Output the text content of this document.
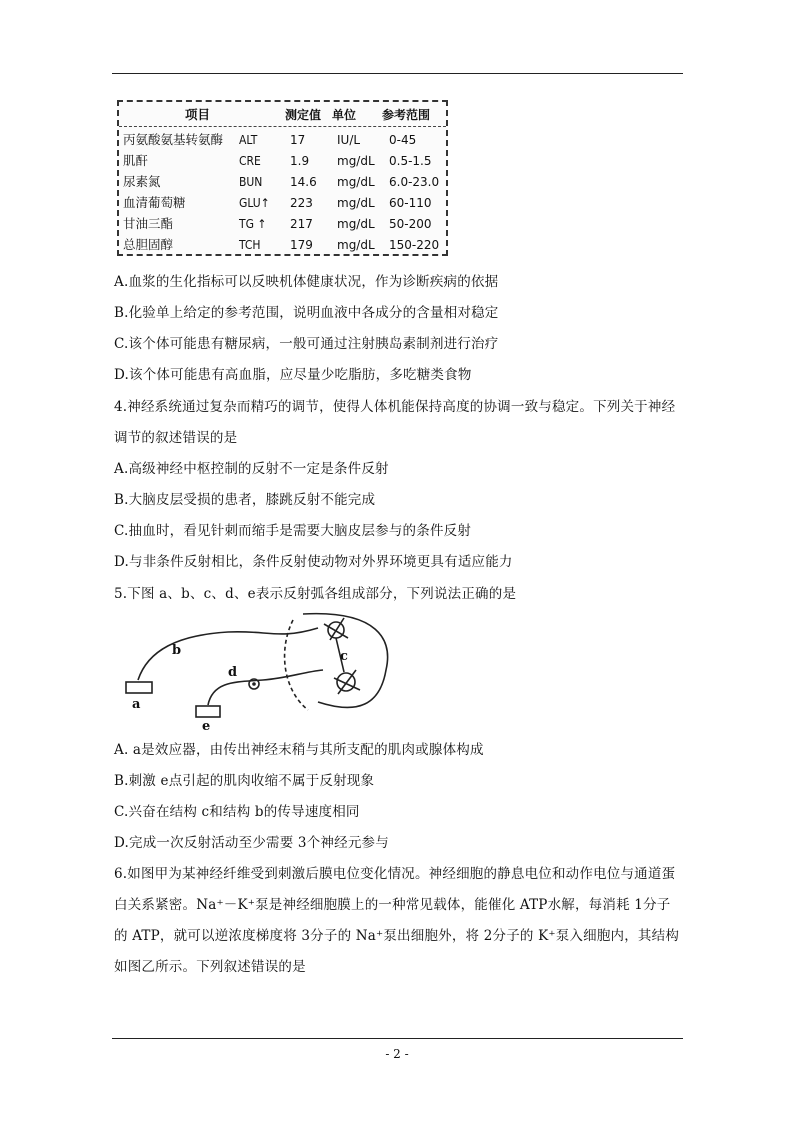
项目	测定值 单位 参考范围
丙氨酸氨基转氨酶 ALT	17	IU/L 0-45
肌酐	CRE 1.9 mg/dL 0.5-1.5
尿素氮	BUN 14.6 mg/dL 6.0-23.0
血清葡萄糖	GLU↑ 223 mg/dL 60-110
甘油三酯	TG ↑ 217 mg/dL 50-200
总胆固醇	TCH 179 mg/dL 150-220
A.血浆的生化指标可以反映机体健康状况，作为诊断疾病的依据
B.化验单上给定的参考范围，说明血液中各成分的含量相对稳定
C.该个体可能患有糖尿病，一般可通过注射胰岛素制剂进行治疗
D.该个体可能患有高血脂，应尽量少吃脂肪，多吃糖类食物
4.神经系统通过复杂而精巧的调节，使得人体机能保持高度的协调一致与稳定。下列关于神经
调节的叙述错误的是
A.高级神经中枢控制的反射不一定是条件反射
B.大脑皮层受损的患者，膝跳反射不能完成
C.抽血时，看见针刺而缩手是需要大脑皮层参与的条件反射
D.与非条件反射相比，条件反射使动物对外界环境更具有适应能力
5.下图 a、b、c、d、e表示反射弧各组成部分，下列说法正确的是
b
d
c
a
e
A. a是效应器，由传出神经末稍与其所支配的肌肉或腺体构成
B.刺激 e点引起的肌肉收缩不属于反射现象
C.兴奋在结构 c和结构 b的传导速度相同
D.完成一次反射活动至少需要 3个神经元参与
6.如图甲为某神经纤维受到刺激后膜电位变化情况。神经细胞的静息电位和动作电位与通道蛋
白关系紧密。Na⁺－K⁺泵是神经细胞膜上的一种常见载体，能催化 ATP水解，每消耗 1分子
的 ATP，就可以逆浓度梯度将 3分子的 Na⁺泵出细胞外，将 2分子的 K⁺泵入细胞内，其结构
如图乙所示。下列叙述错误的是
- 2 -
